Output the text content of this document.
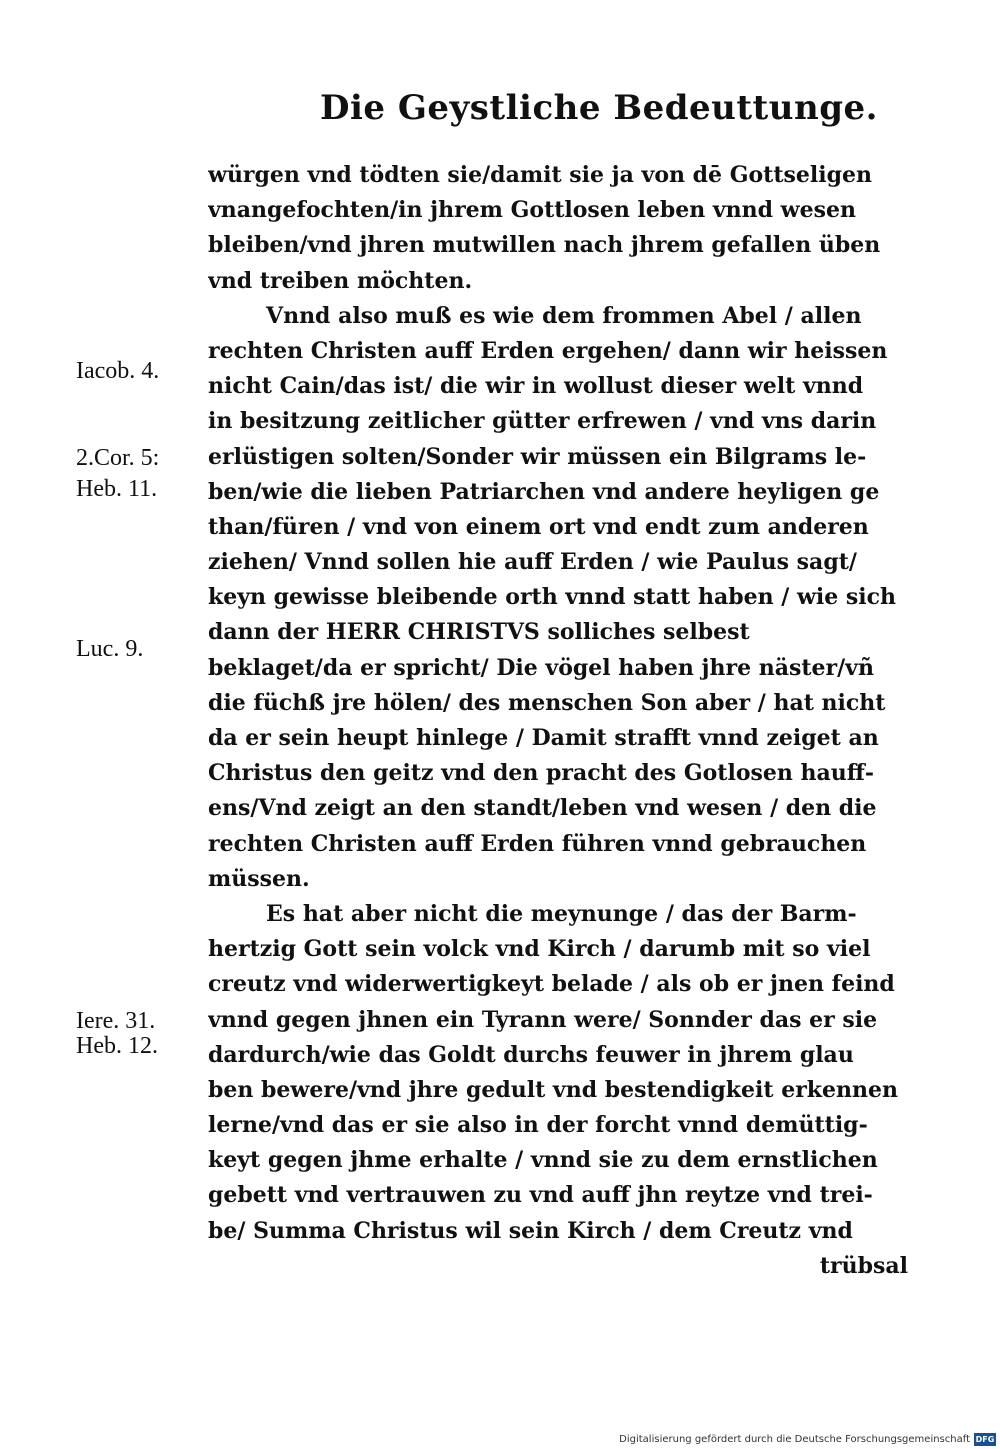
Die Geystliche Bedeuttunge.
würgen vnd tödten sie/damit sie ja von dē Gottseligen
vnangefochten/in jhrem Gottlosen leben vnnd wesen
bleiben/vnd jhren mutwillen nach jhrem gefallen üben
vnd treiben möchten.
Vnnd also muß es wie dem frommen Abel / allen
rechten Christen auff Erden ergehen/ dann wir heissen
nicht Cain/das ist/ die wir in wollust dieser welt vnnd
in besitzung zeitlicher gütter erfrewen / vnd vns darin
erlüstigen solten/Sonder wir müssen ein Bilgrams le-
ben/wie die lieben Patriarchen vnd andere heyligen ge
than/füren / vnd von einem ort vnd endt zum anderen
ziehen/ Vnnd sollen hie auff Erden / wie Paulus sagt/
keyn gewisse bleibende orth vnnd statt haben / wie sich
dann der HERR CHRISTVS solliches selbest
beklaget/da er spricht/ Die vögel haben jhre näster/vñ
die füchß jre hölen/ des menschen Son aber / hat nicht
da er sein heupt hinlege / Damit strafft vnnd zeiget an
Christus den geitz vnd den pracht des Gotlosen hauff-
ens/Vnd zeigt an den standt/leben vnd wesen / den die
rechten Christen auff Erden führen vnnd gebrauchen
müssen.
Es hat aber nicht die meynunge / das der Barm-
hertzig Gott sein volck vnd Kirch / darumb mit so viel
creutz vnd widerwertigkeyt belade / als ob er jnen feind
vnnd gegen jhnen ein Tyrann were/ Sonnder das er sie
dardurch/wie das Goldt durchs feuwer in jhrem glau
ben bewere/vnd jhre gedult vnd bestendigkeit erkennen
lerne/vnd das er sie also in der forcht vnnd demüttig-
keyt gegen jhme erhalte / vnnd sie zu dem ernstlichen
gebett vnd vertrauwen zu vnd auff jhn reytze vnd trei-
be/ Summa Christus wil sein Kirch / dem Creutz vnd
trübsal
Iacob. 4.
2.Cor. 5:
Heb. 11.
Luc. 9.
Iere. 31.
Heb. 12.
Digitalisierung gefördert durch die Deutsche Forschungsgemeinschaft DFG
